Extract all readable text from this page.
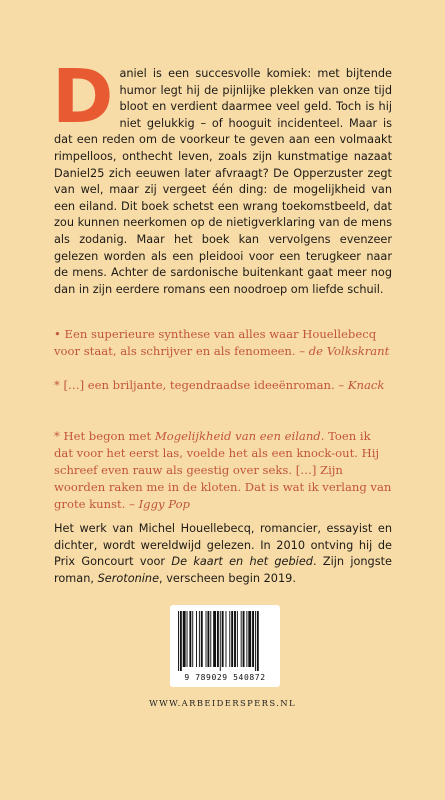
Daniel is een succesvolle komiek: met bijtende humor legt hij de pijnlijke plekken van onze tijd bloot en verdient daarmee veel geld. Toch is hij niet gelukkig – of hooguit incidenteel. Maar is dat een reden om de voorkeur te geven aan een volmaakt rimpelloos, onthecht leven, zoals zijn kunstmatige nazaat Daniel25 zich eeuwen later afvraagt? De Opperzuster zegt van wel, maar zij vergeet één ding: de mogelijkheid van een eiland. Dit boek schetst een wrang toekomstbeeld, dat zou kunnen neerkomen op de nietigverklaring van de mens als zodanig. Maar het boek kan vervolgens evenzeer gelezen worden als een pleidooi voor een terugkeer naar de mens. Achter de sardonische buitenkant gaat meer nog dan in zijn eerdere romans een noodroep om liefde schuil.
• Een superieure synthese van alles waar Houellebecq voor staat, als schrijver en als fenomeen. – de Volkskrant
* […] een briljante, tegendraadse ideeënroman. – Knack
* Het begon met Mogelijkheid van een eiland. Toen ik dat voor het eerst las, voelde het als een knock-out. Hij schreef even rauw als geestig over seks. […] Zijn woorden raken me in de kloten. Dat is wat ik verlang van grote kunst. – Iggy Pop
Het werk van Michel Houellebecq, romancier, essayist en dichter, wordt wereldwijd gelezen. In 2010 ontving hij de Prix Goncourt voor De kaart en het gebied. Zijn jongste roman, Serotonine, verscheen begin 2019.
9 789029 540872
WWW.ARBEIDERSPERS.NL
